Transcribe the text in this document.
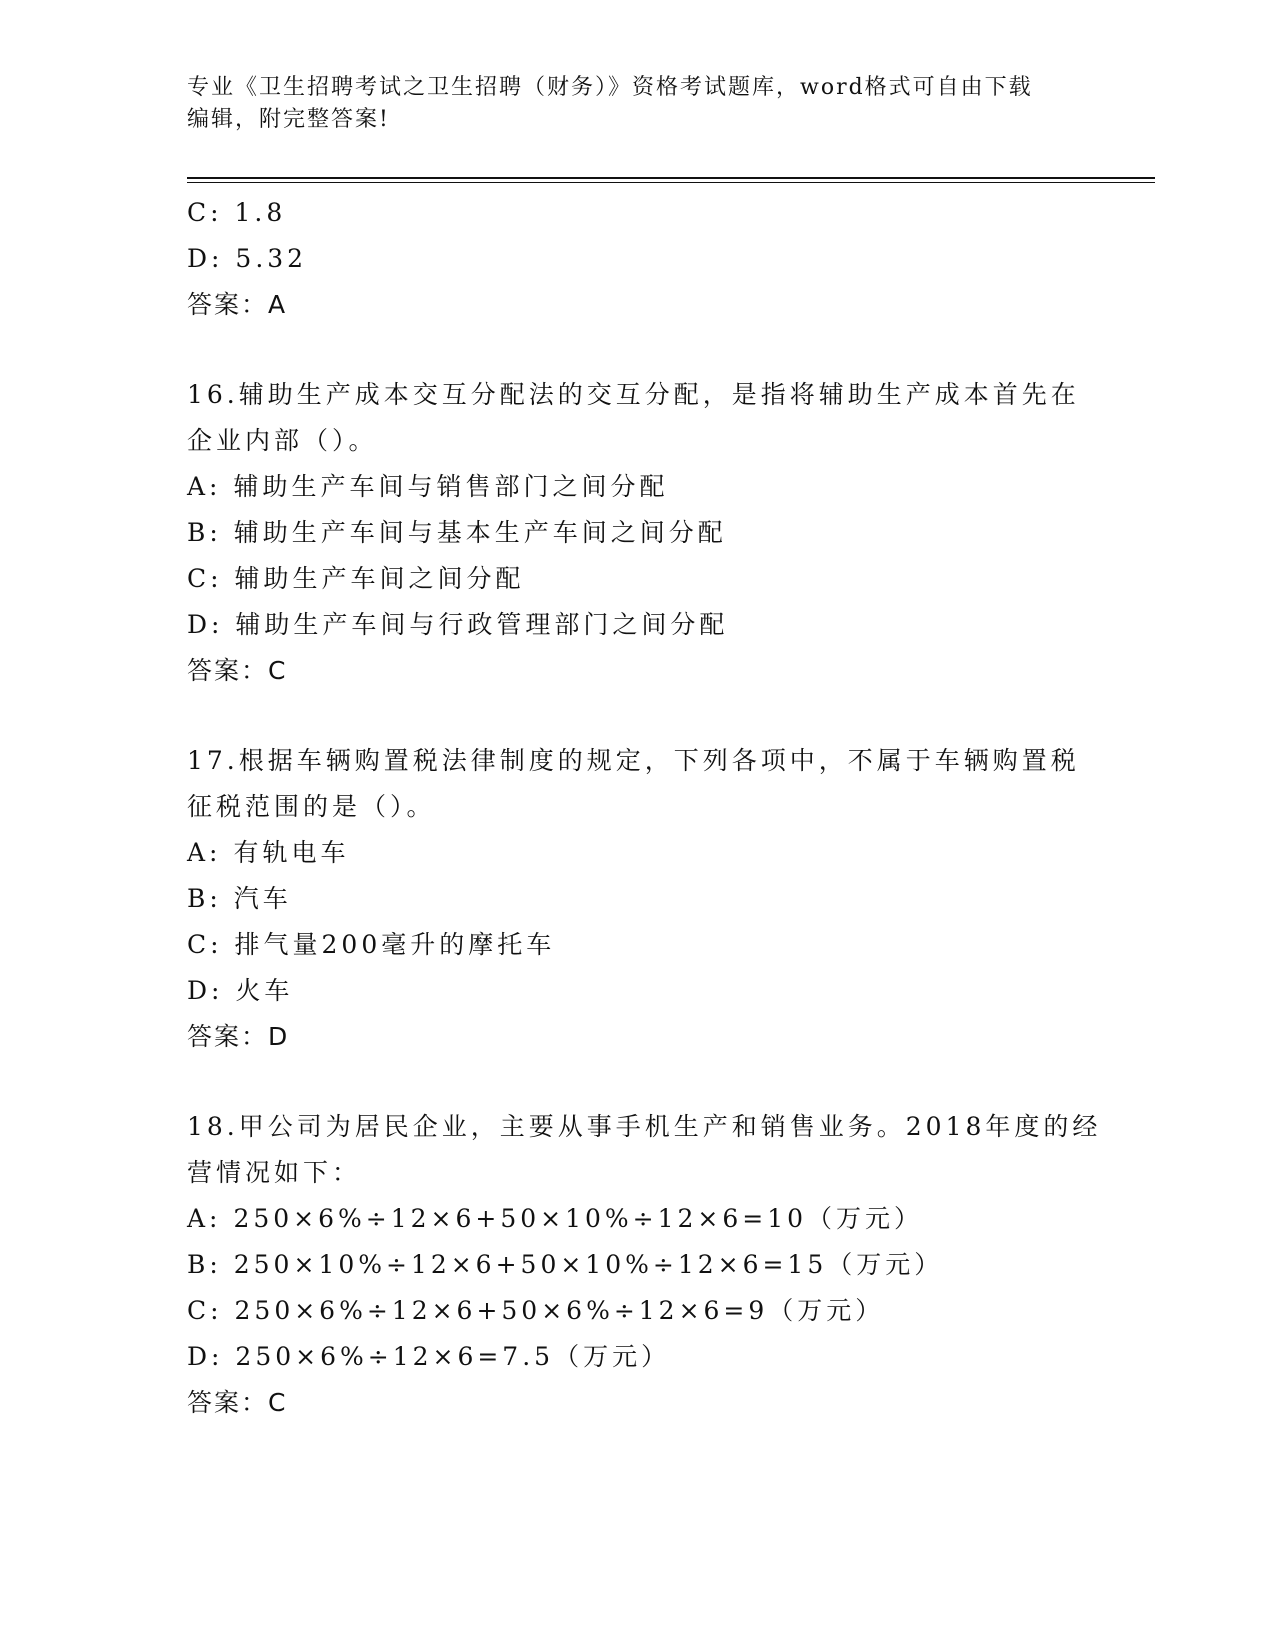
专业《卫生招聘考试之卫生招聘（财务）》资格考试题库，word格式可自由下载
编辑，附完整答案!
C: 1.8
D: 5.32
答案：A
16.辅助生产成本交互分配法的交互分配，是指将辅助生产成本首先在
企业内部（）。
A: 辅助生产车间与销售部门之间分配
B: 辅助生产车间与基本生产车间之间分配
C: 辅助生产车间之间分配
D: 辅助生产车间与行政管理部门之间分配
答案：C
17.根据车辆购置税法律制度的规定，下列各项中，不属于车辆购置税
征税范围的是（）。
A: 有轨电车
B: 汽车
C: 排气量200毫升的摩托车
D: 火车
答案：D
18.甲公司为居民企业，主要从事手机生产和销售业务。2018年度的经
营情况如下：
A: 250×6%÷12×6+50×10%÷12×6=10（万元）
B: 250×10%÷12×6+50×10%÷12×6=15（万元）
C: 250×6%÷12×6+50×6%÷12×6=9（万元）
D: 250×6%÷12×6=7.5（万元）
答案：C
